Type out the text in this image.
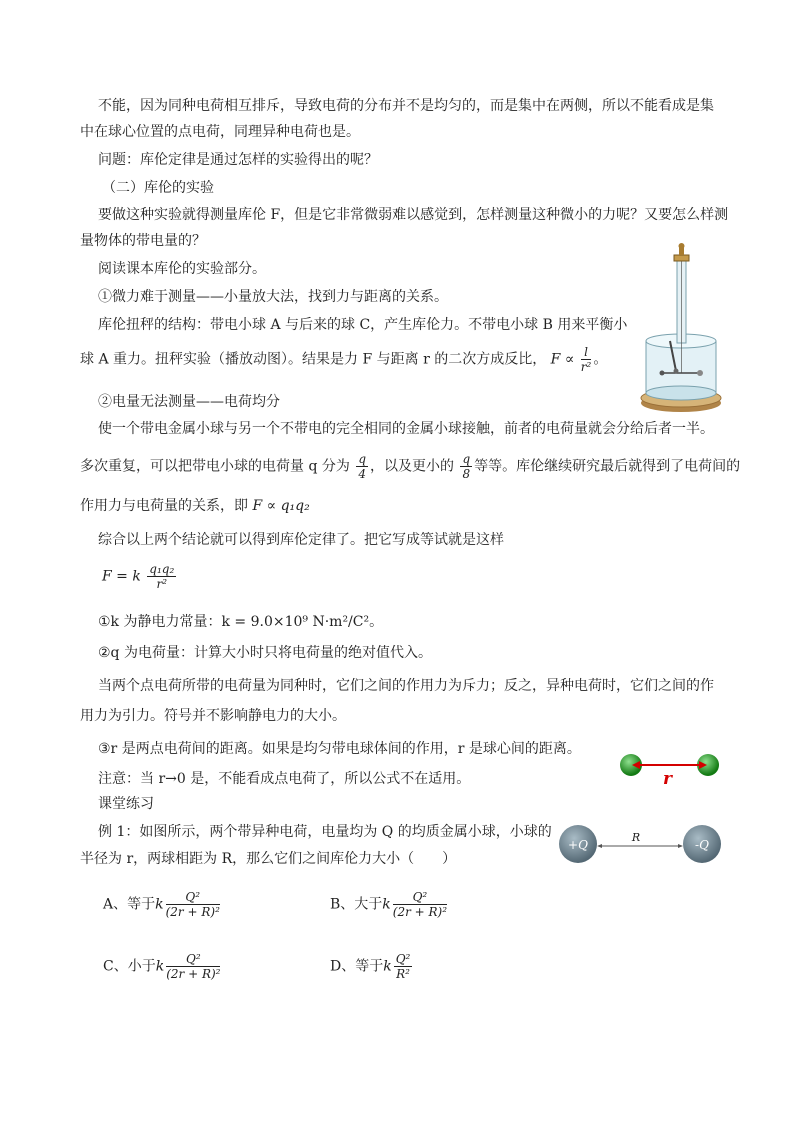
不能，因为同种电荷相互排斥，导致电荷的分布并不是均匀的，而是集中在两侧，所以不能看成是集

中在球心位置的点电荷，同理异种电荷也是。

问题：库伦定律是通过怎样的实验得出的呢？

（二）库伦的实验

要做这种实验就得测量库伦 F，但是它非常微弱难以感觉到，怎样测量这种微小的力呢？又要怎么样测

量物体的带电量的？

阅读课本库伦的实验部分。

①微力难于测量——小量放大法，找到力与距离的关系。

库伦扭秤的结构：带电小球 A 与后来的球 C，产生库伦力。不带电小球 B 用来平衡小

球 A 重力。扭秤实验（播放动图）。结果是力 F 与距离 r 的二次方成反比， $F \propto \frac{l}{\text{r²}}$ 。

②电量无法测量——电荷均分

使一个带电金属小球与另一个不带电的完全相同的金属小球接触，前者的电荷量就会分给后者一半。

多次重复，可以把带电小球的电荷量 q 分为 $\frac{q}{4}$ ，以及更小的 $\frac{q}{8}$ 等等。库伦继续研究最后就得到了电荷间的
作用力与电荷量的关系，即 F ∝ q₁q₂

综合以上两个结论就可以得到库伦定律了。把它写成等试就是这样

F = k $\frac{\text{q₁q₂}}{\text{r²}}$

①k 为静电力常量：k = 9.0×10⁹ N·m²/C²。

②q 为电荷量：计算大小时只将电荷量的绝对值代入。

当两个点电荷所带的电荷量为同种时，它们之间的作用力为斥力；反之，异种电荷时，它们之间的作

用力为引力。符号并不影响静电力的大小。

③r 是两点电荷间的距离。如果是均匀带电球体间的作用，r 是球心间的距离。

注意：当 r→0 是，不能看成点电荷了，所以公式不在适用。

课堂练习

例 1：如图所示，两个带异种电荷，电量均为 Q 的均质金属小球，小球的

半径为 r，两球相距为 R，那么它们之间库伦力大小（　　）

A、等于k $\frac{\text{Q²}}{\text{(2r + R)²}}$	B、大于k $\frac{\text{Q²}}{\text{(2r + R)²}}$
C、小于k $\frac{\text{Q²}}{\text{(2r + R)²}}$	D、等于k $\frac{\text{Q²}}{\text{R²}}$
r
+Q	-Q
R
